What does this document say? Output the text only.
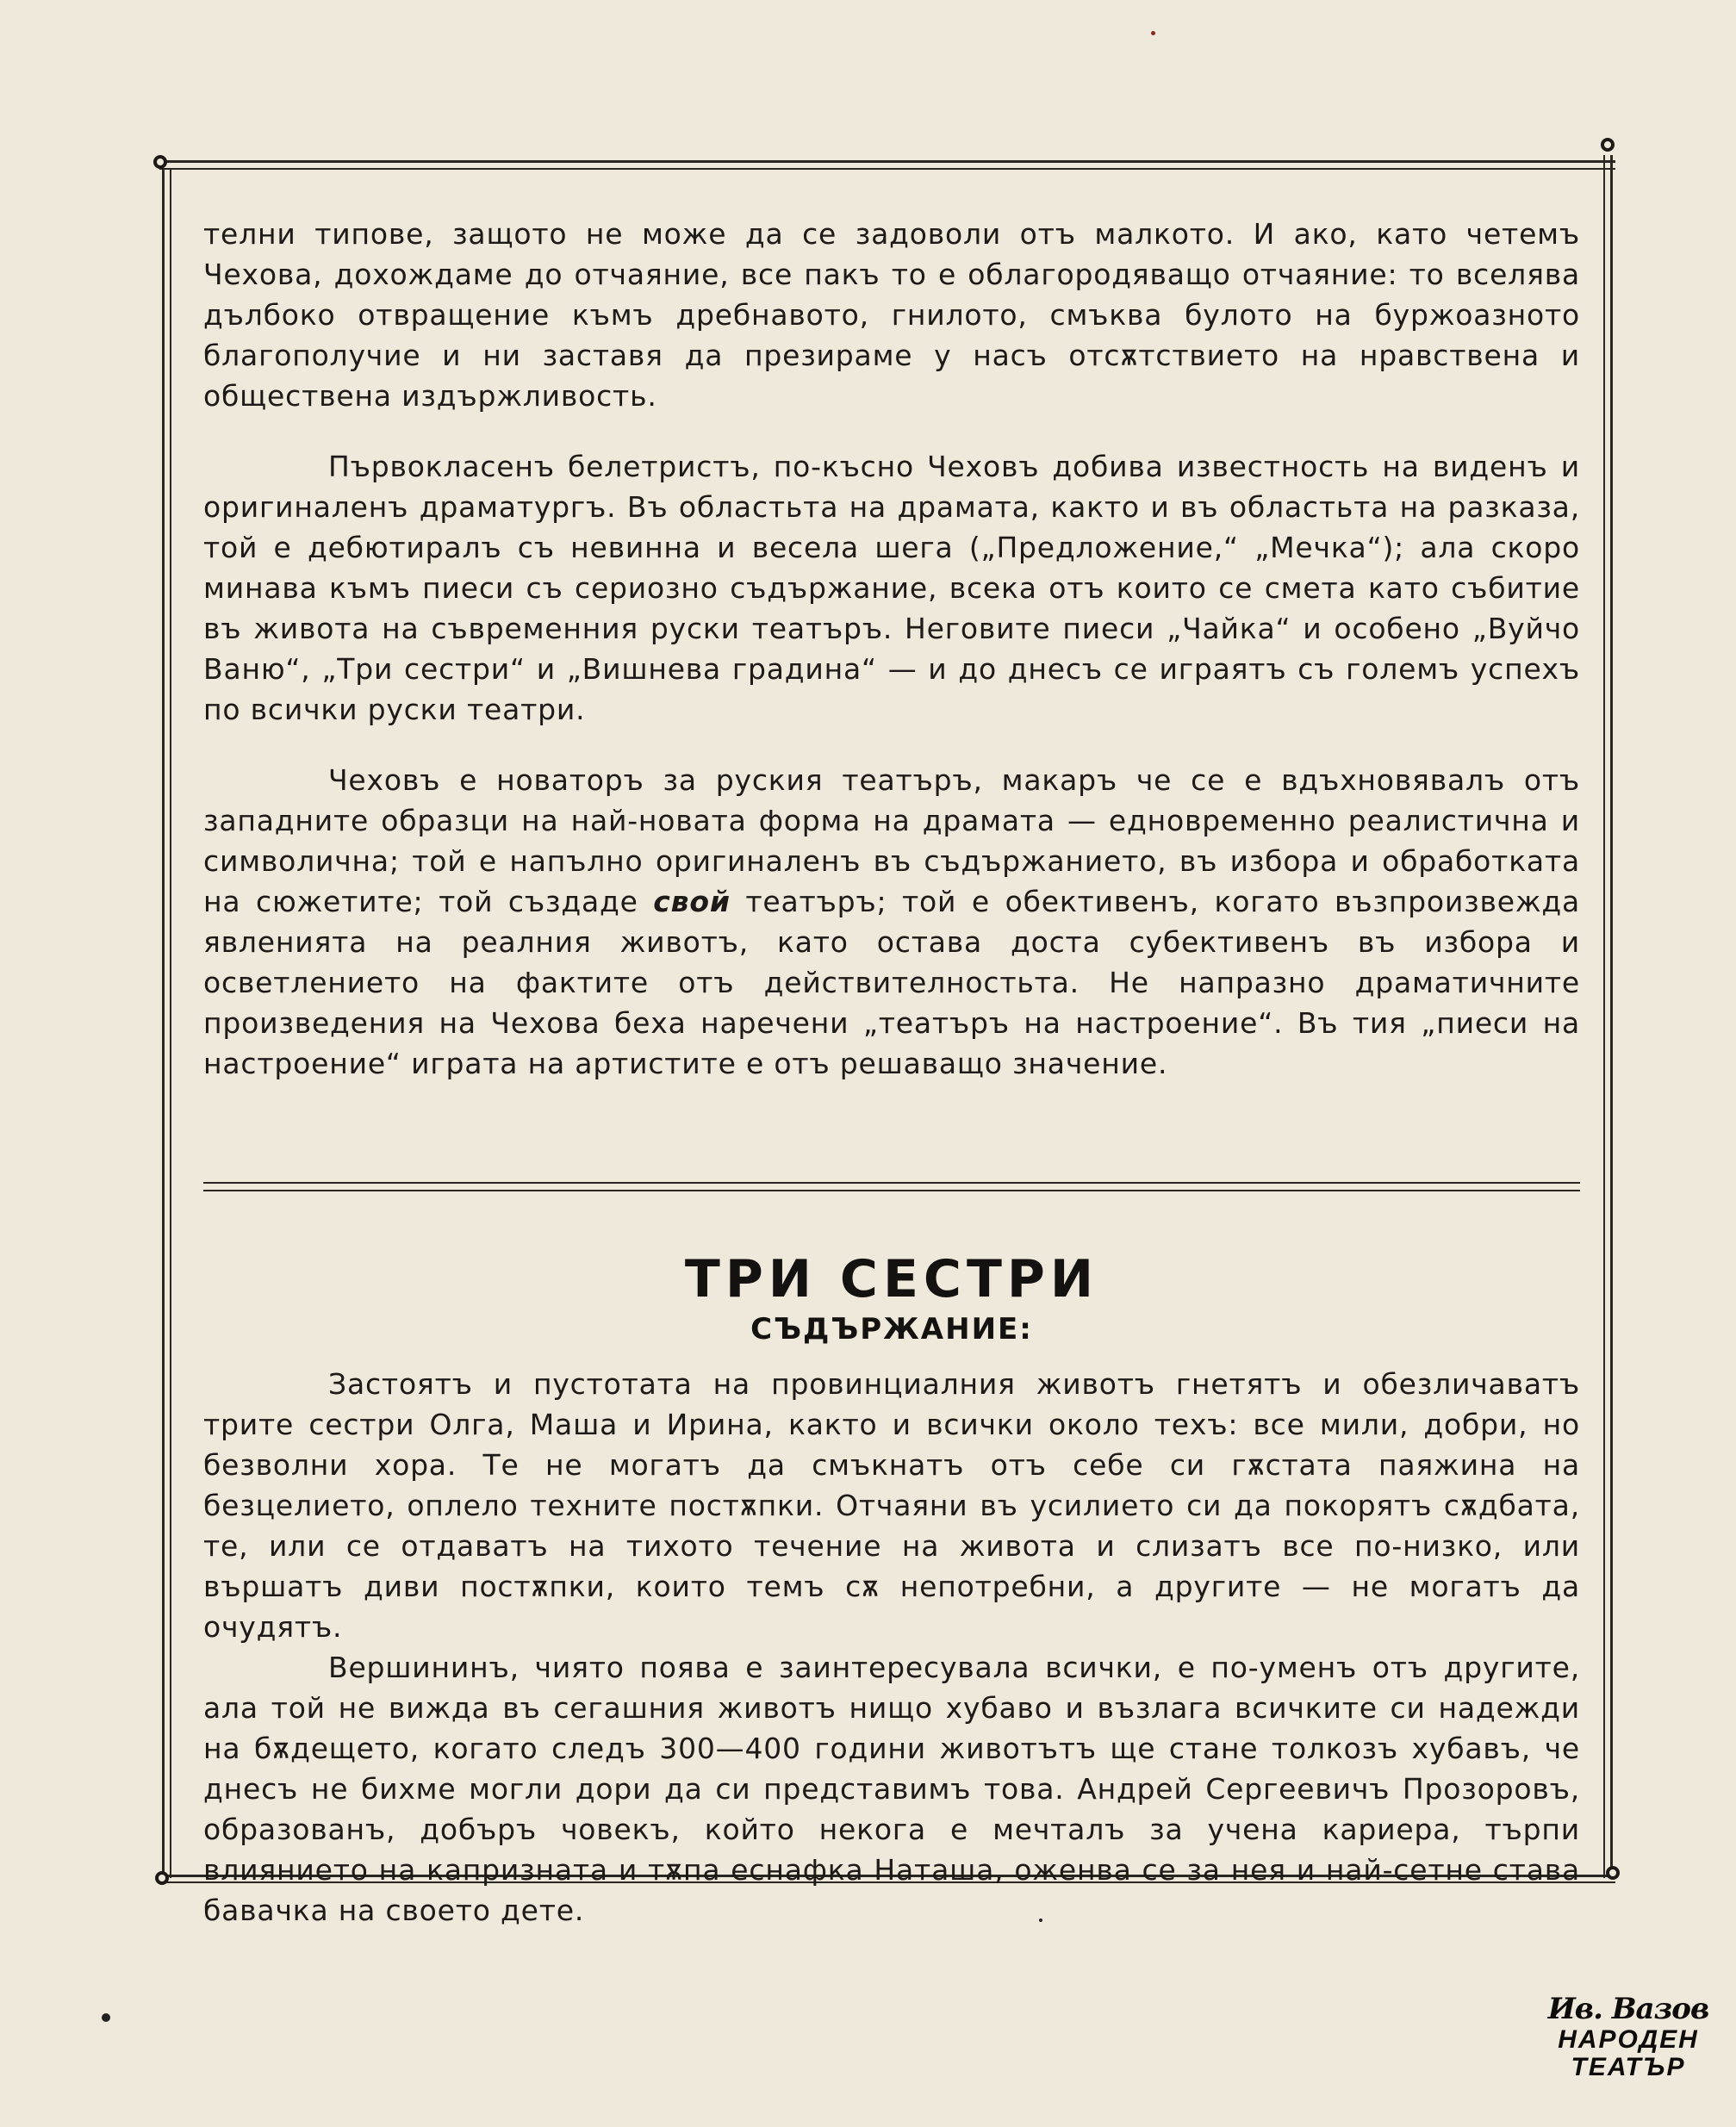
телни типове, защото не може да се задоволи отъ малкото. И ако, като четемъ Чехова, дохождаме до отчаяние, все пакъ то е облагородяващо отчаяние: то вселява дълбоко отвращение къмъ дребнавото, гнилото, смъква булото на буржоазното благополучие и ни заставя да презираме у насъ отсѫтствието на нравствена и обществена издържливость.

Първокласенъ белетристъ, по-късно Чеховъ добива известность на виденъ и оригиналенъ драматургъ. Въ областьта на драмата, както и въ областьта на разказа, той е дебютиралъ съ невинна и весела шега („Предложение,“ „Мечка“); ала скоро минава къмъ пиеси съ сериозно съдържание, всека отъ които се смета като събитие въ живота на съвременния руски театъръ. Неговите пиеси „Чайка“ и особено „Вуйчо Ваню“, „Три сестри“ и „Вишнева градина“ — и до днесъ се играятъ съ големъ успехъ по всички руски театри.

Чеховъ е новаторъ за руския театъръ, макаръ че се е вдъхновявалъ отъ западните образци на най-новата форма на драмата — едновременно реалистична и символична; той е напълно оригиналенъ въ съдържанието, въ избора и обработката на сюжетите; той създаде свой театъръ; той е обективенъ, когато възпроизвежда явленията на реалния животъ, като остава доста субективенъ въ избора и осветлението на фактите отъ действителностьта. Не напразно драматичните произведения на Чехова беха наречени „театъръ на настроение“. Въ тия „пиеси на настроение“ играта на артистите е отъ решаващо значение.

ТРИ СЕСТРИ
СЪДЪРЖАНИЕ:

Застоятъ и пустотата на провинциалния животъ гнетятъ и обезличаватъ трите сестри Олга, Маша и Ирина, както и всички около техъ: все мили, добри, но безволни хора. Те не могатъ да смъкнатъ отъ себе си гѫстата паяжина на безцелието, оплело техните постѫпки. Отчаяни въ усилието си да покорятъ сѫдбата, те, или се отдаватъ на тихото течение на живота и слизатъ все по-низко, или вършатъ диви постѫпки, които темъ сѫ непотребни, а другите — не могатъ да очудятъ.

Вершининъ, чиято поява е заинтересувала всички, е по-уменъ отъ другите, ала той не вижда въ сегашния животъ нищо хубаво и възлага всичките си надежди на бѫдещето, когато следъ 300—400 години животътъ ще стане толкозъ хубавъ, че днесъ не бихме могли дори да си представимъ това. Андрей Сергеевичъ Прозоровъ, образованъ, добъръ човекъ, който некога е мечталъ за учена кариера, търпи влиянието на капризната и тѫпа еснафка Наташа, оженва се за нея и най-сетне става бавачка на своето дете.

Ив. Вазов
НАРОДЕН
ТЕАТЪР
